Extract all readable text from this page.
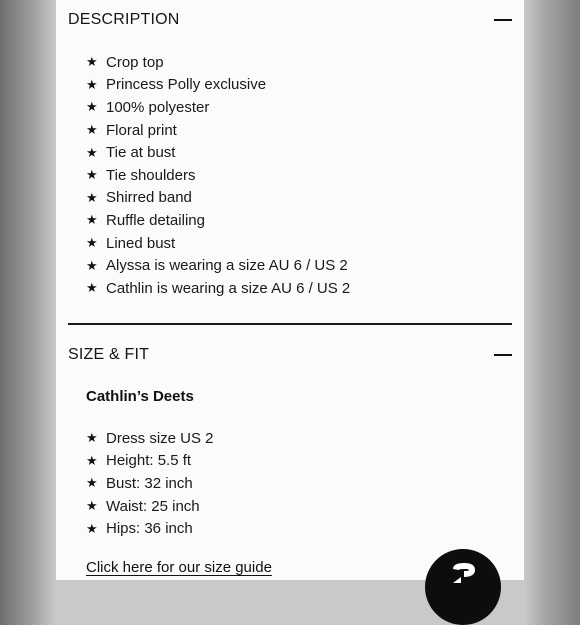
DESCRIPTION
★ Crop top
★ Princess Polly exclusive
★ 100% polyester
★ Floral print
★ Tie at bust
★ Tie shoulders
★ Shirred band
★ Ruffle detailing
★ Lined bust
★ Alyssa is wearing a size AU 6 / US 2
★ Cathlin is wearing a size AU 6 / US 2
SIZE & FIT
Cathlin’s Deets
★ Dress size US 2
★ Height: 5.5 ft
★ Bust: 32 inch
★ Waist: 25 inch
★ Hips: 36 inch
Click here for our size guide
